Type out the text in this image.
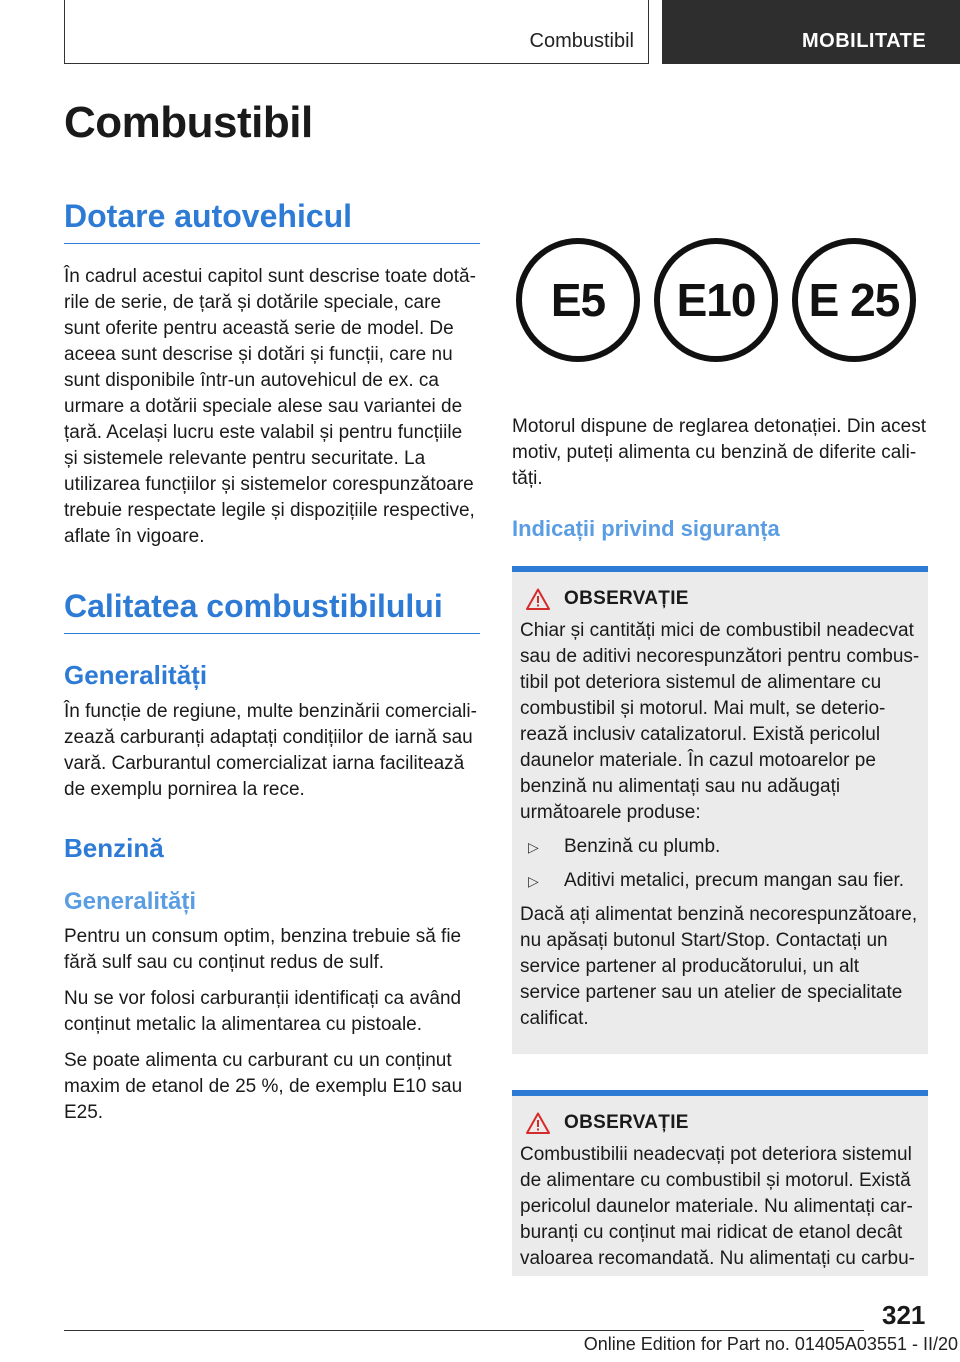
Combustibil	MOBILITATE
Combustibil
Dotare autovehicul

În cadrul acestui capitol sunt descrise toate dotările de serie, de țară și dotările speciale, care sunt oferite pentru această serie de model. De aceea sunt descrise și dotări și funcții, care nu sunt disponibile într-un autovehicul de ex. ca urmare a dotării speciale alese sau variantei de țară. Același lucru este valabil și pentru funcțiile și sistemele relevante pentru securitate. La utilizarea funcțiilor și sistemelor corespunzătoare trebuie respectate legile și dispozițiile respective, aflate în vigoare.

Calitatea combustibilului
Generalități

În funcție de regiune, multe benzinării comercializează carburanți adaptați condițiilor de iarnă sau vară. Carburantul comercializat iarna facilitează de exemplu pornirea la rece.

Benzină
Generalități

Pentru un consum optim, benzina trebuie să fie fără sulf sau cu conținut redus de sulf.

Nu se vor folosi carburanții identificați ca având conținut metalic la alimentarea cu pistoale.

Se poate alimenta cu carburant cu un conținut maxim de etanol de 25 %, de exemplu E10 sau E25.

E5 E10 E 25

Motorul dispune de reglarea detonației. Din acest motiv, puteți alimenta cu benzină de diferite calități.

Indicații privind siguranța
OBSERVAȚIE

Chiar și cantități mici de combustibil neadecvat sau de aditivi necorespunzători pentru combustibil pot deteriora sistemul de alimentare cu combustibil și motorul. Mai mult, se deteriorează inclusiv catalizatorul. Există pericolul daunelor materiale. În cazul motoarelor pe benzină nu alimentați sau nu adăugați următoarele produse:

▷	Benzină cu plumb.
▷	Aditivi metalici, precum mangan sau fier.

Dacă ați alimentat benzină necorespunzătoare, nu apăsați butonul Start/Stop. Contactați un service partener al producătorului, un alt service partener sau un atelier de specialitate calificat.

OBSERVAȚIE

Combustibilii neadecvați pot deteriora sistemul de alimentare cu combustibil și motorul. Există pericolul daunelor materiale. Nu alimentați carburanți cu conținut mai ridicat de etanol decât valoarea recomandată. Nu alimentați cu carbu-

321
Online Edition for Part no. 01405A03551 - II/20
